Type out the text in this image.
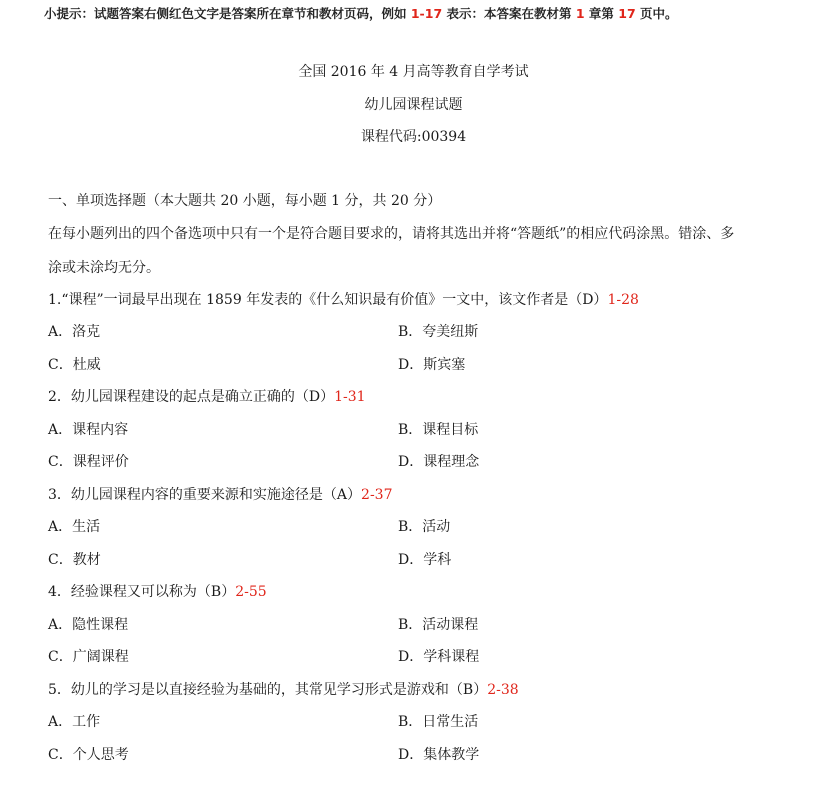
小提示：试题答案右侧红色文字是答案所在章节和教材页码，例如 1-17 表示：本答案在教材第 1 章第 17 页中。
全国 2016 年 4 月高等教育自学考试
幼儿园课程试题
课程代码:00394
一、单项选择题（本大题共 20 小题，每小题 1 分，共 20 分）
在每小题列出的四个备选项中只有一个是符合题目要求的，请将其选出并将“答题纸”的相应代码涂黑。错涂、多
涂或未涂均无分。
1.“课程”一词最早出现在 1859 年发表的《什么知识最有价值》一文中，该文作者是（D）1-28
A．洛克	B．夸美纽斯
C．杜威	D．斯宾塞
2．幼儿园课程建设的起点是确立正确的（D）1-31
A．课程内容	B．课程目标
C．课程评价	D．课程理念
3．幼儿园课程内容的重要来源和实施途径是（A）2-37
A．生活	B．活动
C．教材	D．学科
4．经验课程又可以称为（B）2-55
A．隐性课程	B．活动课程
C．广阔课程	D．学科课程
5．幼儿的学习是以直接经验为基础的，其常见学习形式是游戏和（B）2-38
A．工作	B．日常生活
C．个人思考	D．集体教学
